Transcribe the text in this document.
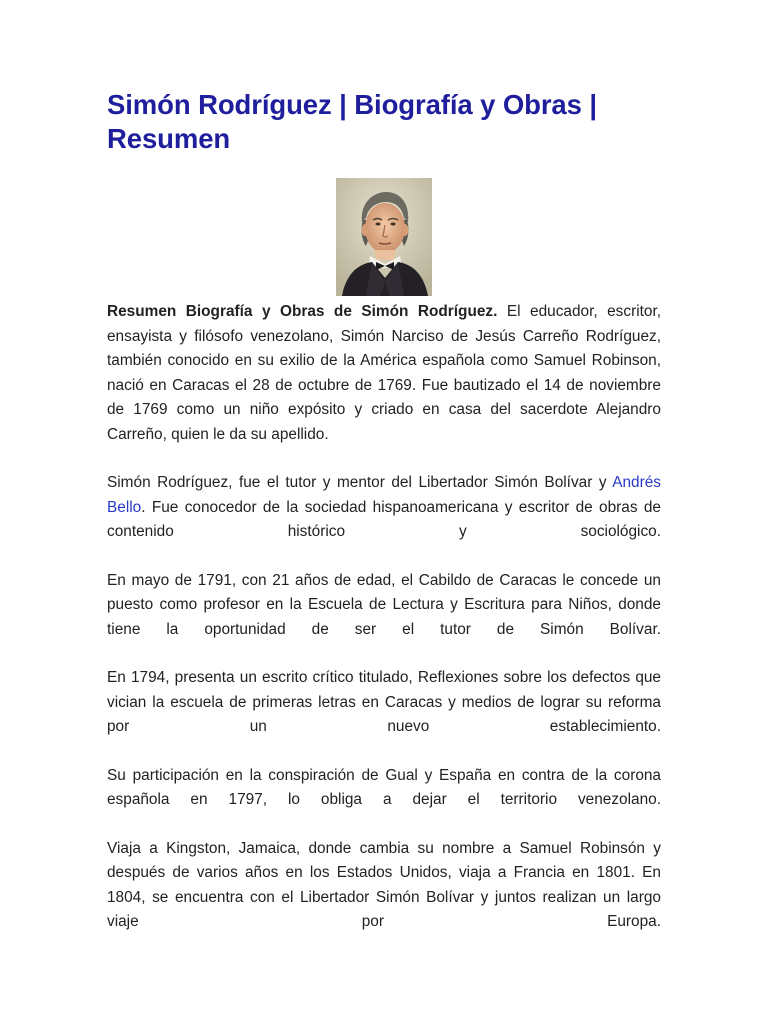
Simón Rodríguez | Biografía y Obras | Resumen

Resumen Biografía y Obras de Simón Rodríguez. El educador, escritor, ensayista y filósofo venezolano, Simón Narciso de Jesús Carreño Rodríguez, también conocido en su exilio de la América española como Samuel Robinson, nació en Caracas el 28 de octubre de 1769. Fue bautizado el 14 de noviembre de 1769 como un niño expósito y criado en casa del sacerdote Alejandro Carreño, quien le da su apellido.

Simón Rodríguez, fue el tutor y mentor del Libertador Simón Bolívar y Andrés Bello. Fue conocedor de la sociedad hispanoamericana y escritor de obras de contenido histórico y sociológico.

En mayo de 1791, con 21 años de edad, el Cabildo de Caracas le concede un puesto como profesor en la Escuela de Lectura y Escritura para Niños, donde tiene la oportunidad de ser el tutor de Simón Bolívar.

En 1794, presenta un escrito crítico titulado, Reflexiones sobre los defectos que vician la escuela de primeras letras en Caracas y medios de lograr su reforma por un nuevo establecimiento.

Su participación en la conspiración de Gual y España en contra de la corona española en 1797, lo obliga a dejar el territorio venezolano.

Viaja a Kingston, Jamaica, donde cambia su nombre a Samuel Robinsón y después de varios años en los Estados Unidos, viaja a Francia en 1801. En 1804, se encuentra con el Libertador Simón Bolívar y juntos realizan un largo viaje por Europa.
